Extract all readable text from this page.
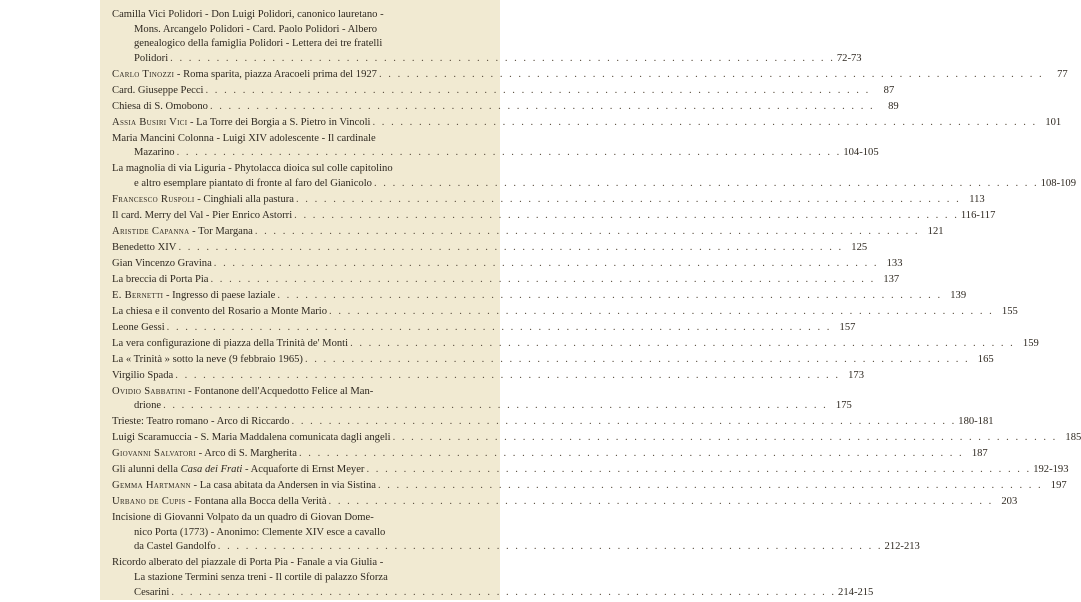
Camilla Vici Polidori - Don Luigi Polidori, canonico lauretano -
Mons. Arcangelo Polidori - Card. Paolo Polidori - Albero
genealogico della famiglia Polidori - Lettera dei tre fratelli
Polidori . . . . . . . . . . . . . . . . . . . . . . . . . . . . . . . . . . . . . . . . . . . . . . . . . . . . . . . . . . . . . . . . . . . . . . . . 72-73
Carlo Tinozzi - Roma sparita, piazza Aracoeli prima del 1927 . . . . . . . . . . . . . . . . . . . . . . . . . . . . . . . . . . . . . . . . . . . . . . . . . . . . . . . . . . . . . . . . . . . . . . . .	77
Card. Giuseppe Pecci . . . . . . . . . . . . . . . . . . . . . . . . . . . . . . . . . . . . . . . . . . . . . . . . . . . . . . . . . . . . . . . . . . . . . . . .	87
Chiesa di S. Omobono . . . . . . . . . . . . . . . . . . . . . . . . . . . . . . . . . . . . . . . . . . . . . . . . . . . . . . . . . . . . . . . . . . . . . . . .	89
Assia Busiri Vici - La Torre dei Borgia a S. Pietro in Vincoli . . . . . . . . . . . . . . . . . . . . . . . . . . . . . . . . . . . . . . . . . . . . . . . . . . . . . . . . . . . . . . . . . . . . . . . . 101
Maria Mancini Colonna - Luigi XIV adolescente - Il cardinale
Mazarino . . . . . . . . . . . . . . . . . . . . . . . . . . . . . . . . . . . . . . . . . . . . . . . . . . . . . . . . . . . . . . . . . . . . . . . . 104-105
La magnolia di via Liguria - Phytolacca dioica sul colle capitolino
e altro esemplare piantato di fronte al faro del Gianicolo . . . . . . . . . . . . . . . . . . . . . . . . . . . . . . . . . . . . . . . . . . . . . . . . . . . . . . . . . . . . . . . . . . . . . . . . 108-109
Francesco Ruspoli - Cinghiali alla pastura . . . . . . . . . . . . . . . . . . . . . . . . . . . . . . . . . . . . . . . . . . . . . . . . . . . . . . . . . . . . . . . . . . . . . . . . 113
Il card. Merry del Val - Pier Enrico Astorri . . . . . . . . . . . . . . . . . . . . . . . . . . . . . . . . . . . . . . . . . . . . . . . . . . . . . . . . . . . . . . . . . . . . . . . . 116-117
Aristide Capanna - Tor Margana . . . . . . . . . . . . . . . . . . . . . . . . . . . . . . . . . . . . . . . . . . . . . . . . . . . . . . . . . . . . . . . . . . . . . . . . 121
Benedetto XIV . . . . . . . . . . . . . . . . . . . . . . . . . . . . . . . . . . . . . . . . . . . . . . . . . . . . . . . . . . . . . . . . . . . . . . . . 125
Gian Vincenzo Gravina . . . . . . . . . . . . . . . . . . . . . . . . . . . . . . . . . . . . . . . . . . . . . . . . . . . . . . . . . . . . . . . . . . . . . . . . 133
La breccia di Porta Pia . . . . . . . . . . . . . . . . . . . . . . . . . . . . . . . . . . . . . . . . . . . . . . . . . . . . . . . . . . . . . . . . . . . . . . . . 137
E. Bernetti - Ingresso di paese laziale . . . . . . . . . . . . . . . . . . . . . . . . . . . . . . . . . . . . . . . . . . . . . . . . . . . . . . . . . . . . . . . . . . . . . . . . 139
La chiesa e il convento del Rosario a Monte Mario . . . . . . . . . . . . . . . . . . . . . . . . . . . . . . . . . . . . . . . . . . . . . . . . . . . . . . . . . . . . . . . . . . . . . . . . 155
Leone Gessi . . . . . . . . . . . . . . . . . . . . . . . . . . . . . . . . . . . . . . . . . . . . . . . . . . . . . . . . . . . . . . . . . . . . . . . . 157
La vera configurazione di piazza della Trinità de' Monti . . . . . . . . . . . . . . . . . . . . . . . . . . . . . . . . . . . . . . . . . . . . . . . . . . . . . . . . . . . . . . . . . . . . . . . . 159
La « Trinità » sotto la neve (9 febbraio 1965) . . . . . . . . . . . . . . . . . . . . . . . . . . . . . . . . . . . . . . . . . . . . . . . . . . . . . . . . . . . . . . . . . . . . . . . . 165
Virgilio Spada . . . . . . . . . . . . . . . . . . . . . . . . . . . . . . . . . . . . . . . . . . . . . . . . . . . . . . . . . . . . . . . . . . . . . . . . 173
Ovidio Sabbatini - Fontanone dell'Acquedotto Felice al Man-
drione . . . . . . . . . . . . . . . . . . . . . . . . . . . . . . . . . . . . . . . . . . . . . . . . . . . . . . . . . . . . . . . . . . . . . . . . 175
Trieste: Teatro romano - Arco di Riccardo . . . . . . . . . . . . . . . . . . . . . . . . . . . . . . . . . . . . . . . . . . . . . . . . . . . . . . . . . . . . . . . . . . . . . . . . 180-181
Luigi Scaramuccia - S. Maria Maddalena comunicata dagli angeli . . . . . . . . . . . . . . . . . . . . . . . . . . . . . . . . . . . . . . . . . . . . . . . . . . . . . . . . . . . . . . . . . . . . . . . . 185
Giovanni Salvatori - Arco di S. Margherita . . . . . . . . . . . . . . . . . . . . . . . . . . . . . . . . . . . . . . . . . . . . . . . . . . . . . . . . . . . . . . . . . . . . . . . . 187
Gli alunni della Casa dei Frati - Acquaforte di Ernst Meyer . . . . . . . . . . . . . . . . . . . . . . . . . . . . . . . . . . . . . . . . . . . . . . . . . . . . . . . . . . . . . . . . . . . . . . . . 192-193
Gemma Hartmann - La casa abitata da Andersen in via Sistina . . . . . . . . . . . . . . . . . . . . . . . . . . . . . . . . . . . . . . . . . . . . . . . . . . . . . . . . . . . . . . . . . . . . . . . . 197
Urbano de Cupis - Fontana alla Bocca della Verità . . . . . . . . . . . . . . . . . . . . . . . . . . . . . . . . . . . . . . . . . . . . . . . . . . . . . . . . . . . . . . . . . . . . . . . . 203
Incisione di Giovanni Volpato da un quadro di Giovan Dome-
nico Porta (1773) - Anonimo: Clemente XIV esce a cavallo
da Castel Gandolfo . . . . . . . . . . . . . . . . . . . . . . . . . . . . . . . . . . . . . . . . . . . . . . . . . . . . . . . . . . . . . . . . . . . . . . . . 212-213
Ricordo alberato del piazzale di Porta Pia - Fanale a via Giulia -
La stazione Termini senza treni - Il cortile di palazzo Sforza
Cesarini . . . . . . . . . . . . . . . . . . . . . . . . . . . . . . . . . . . . . . . . . . . . . . . . . . . . . . . . . . . . . . . . . . . . . . . . 214-215
